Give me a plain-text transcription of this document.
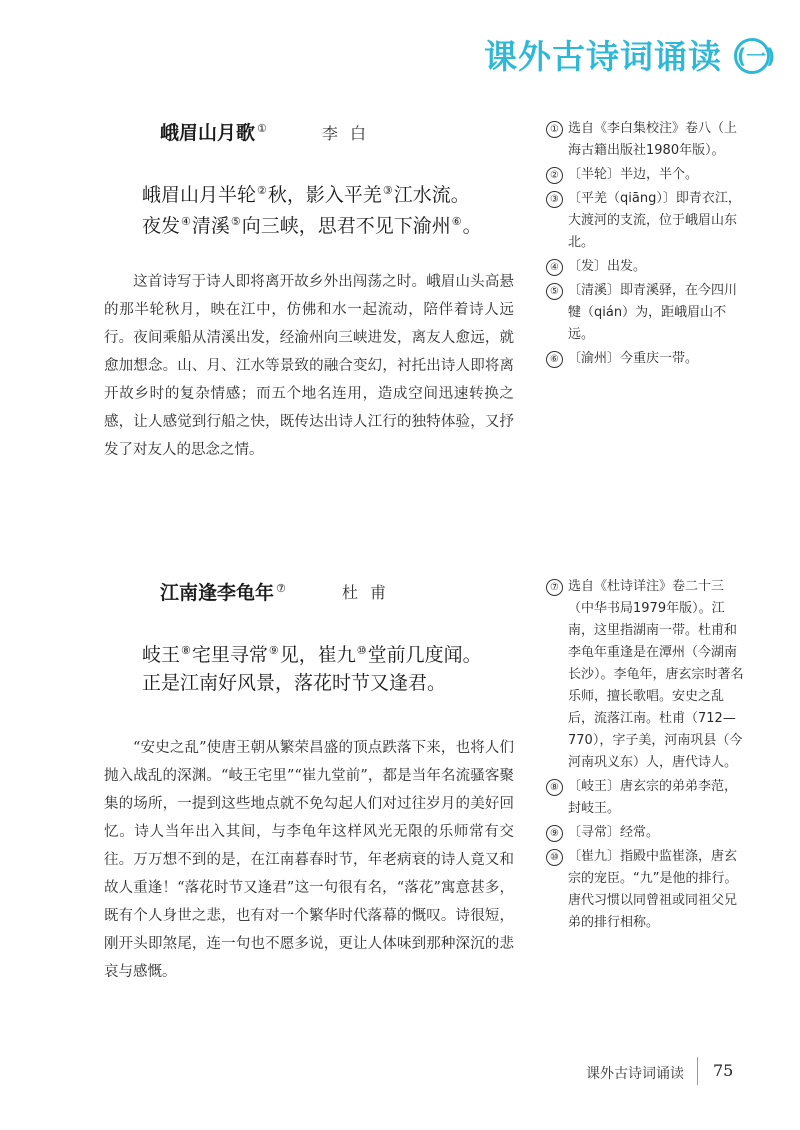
课外古诗词诵读 (一)
峨眉山月歌 ①	李白
峨眉山月半轮②秋，影入平羌③江水流。
夜发④清溪⑤向三峡，思君不见下渝州⑥。
这首诗写于诗人即将离开故乡外出闯荡之时。峨眉山头高悬的那半轮秋月，映在江中，仿佛和水一起流动，陪伴着诗人远行。夜间乘船从清溪出发，经渝州向三峡进发，离友人愈远，就愈加想念。山、月、江水等景致的融合变幻，衬托出诗人即将离开故乡时的复杂情感；而五个地名连用，造成空间迅速转换之感，让人感觉到行船之快，既传达出诗人江行的独特体验，又抒发了对友人的思念之情。
① 选自《李白集校注》卷八（上海古籍出版社1980年版）。
② 〔半轮〕半边，半个。
③ 〔平羌（qiāng）〕即青衣江，大渡河的支流，位于峨眉山东北。
④ 〔发〕出发。
⑤ 〔清溪〕即青溪驿，在今四川犍（qián）为，距峨眉山不远。
⑥ 〔渝州〕今重庆一带。
江南逢李龟年 ⑦	杜甫
岐王⑧宅里寻常⑨见，崔九⑩堂前几度闻。
正是江南好风景，落花时节又逢君。
“安史之乱”使唐王朝从繁荣昌盛的顶点跌落下来，也将人们抛入战乱的深渊。“岐王宅里”“崔九堂前”，都是当年名流骚客聚集的场所，一提到这些地点就不免勾起人们对过往岁月的美好回忆。诗人当年出入其间，与李龟年这样风光无限的乐师常有交往。万万想不到的是，在江南暮春时节，年老病衰的诗人竟又和故人重逢！“落花时节又逢君”这一句很有名，“落花”寓意甚多，既有个人身世之悲，也有对一个繁华时代落幕的慨叹。诗很短，刚开头即煞尾，连一句也不愿多说，更让人体味到那种深沉的悲哀与感慨。
⑦ 选自《杜诗详注》卷二十三（中华书局1979年版）。江南，这里指湖南一带。杜甫和李龟年重逢是在潭州（今湖南长沙）。李龟年，唐玄宗时著名乐师，擅长歌唱。安史之乱后，流落江南。杜甫（712—770），字子美，河南巩县（今河南巩义东）人，唐代诗人。
⑧ 〔岐王〕唐玄宗的弟弟李范，封岐王。
⑨ 〔寻常〕经常。
⑩ 〔崔九〕指殿中监崔涤，唐玄宗的宠臣。“九”是他的排行。唐代习惯以同曾祖或同祖父兄弟的排行相称。
课外古诗词诵读 75
